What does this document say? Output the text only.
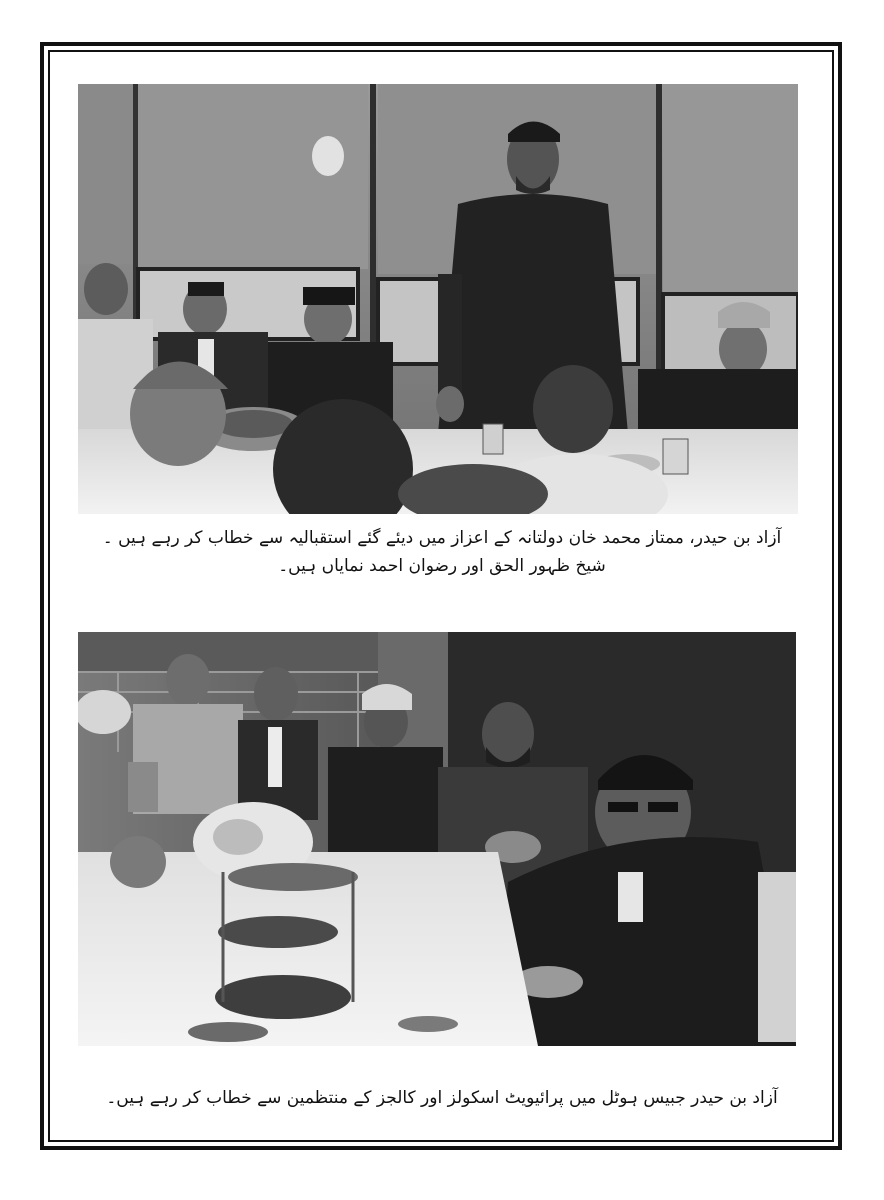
آزاد بن حیدر، ممتاز محمد خان دولتانہ کے اعزاز میں دیئے گئے استقبالیہ سے خطاب کر رہے ہیں ۔
شیخ ظہور الحق اور رضوان احمد نمایاں ہیں۔
آزاد بن حیدر جبیس ہوٹل میں پرائیویٹ اسکولز اور کالجز کے منتظمین سے خطاب کر رہے ہیں۔
